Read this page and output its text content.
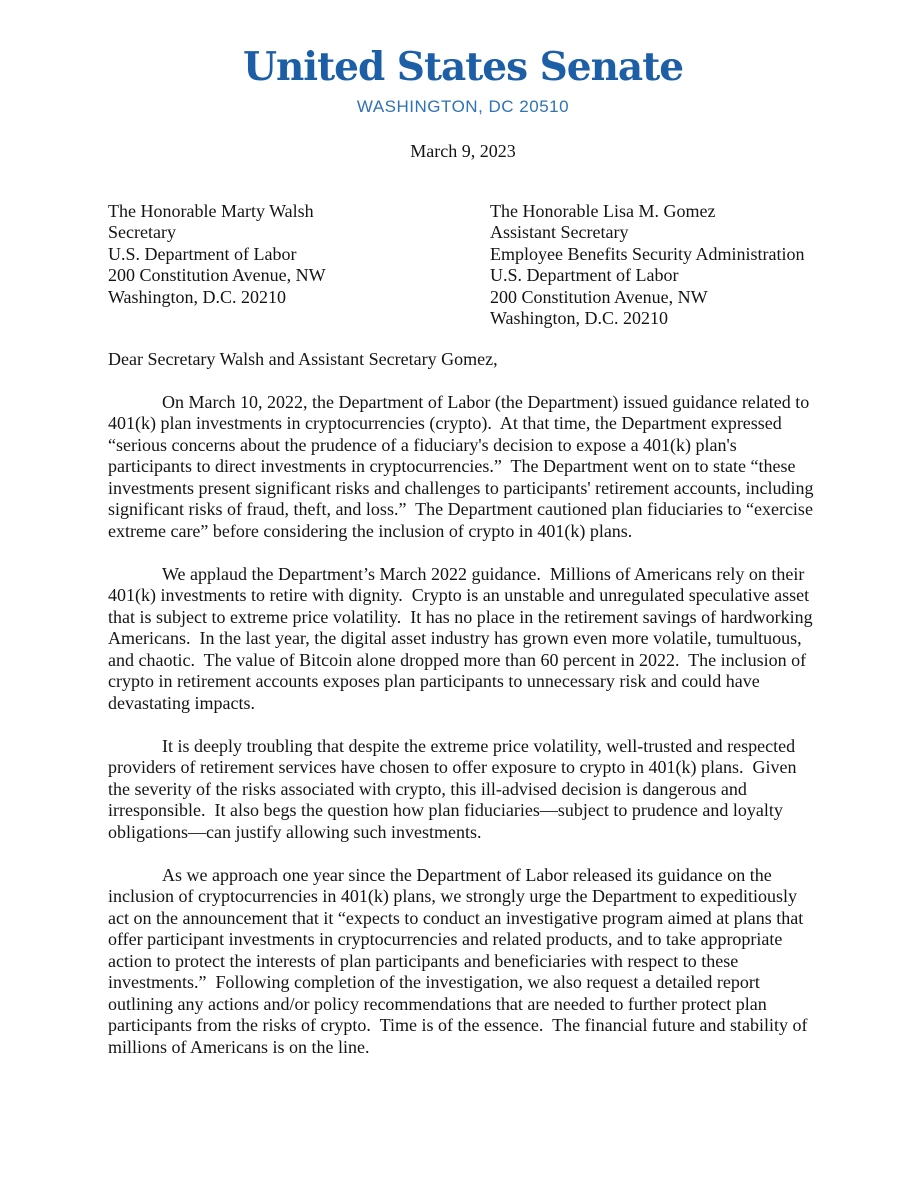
United States Senate
WASHINGTON, DC 20510
March 9, 2023
The Honorable Marty Walsh
Secretary
U.S. Department of Labor
200 Constitution Avenue, NW
Washington, D.C. 20210
The Honorable Lisa M. Gomez
Assistant Secretary
Employee Benefits Security Administration
U.S. Department of Labor
200 Constitution Avenue, NW
Washington, D.C. 20210

Dear Secretary Walsh and Assistant Secretary Gomez,

On March 10, 2022, the Department of Labor (the Department) issued guidance related to 401(k) plan investments in cryptocurrencies (crypto).  At that time, the Department expressed “serious concerns about the prudence of a fiduciary's decision to expose a 401(k) plan's participants to direct investments in cryptocurrencies.”  The Department went on to state “these investments present significant risks and challenges to participants' retirement accounts, including significant risks of fraud, theft, and loss.”  The Department cautioned plan fiduciaries to “exercise extreme care” before considering the inclusion of crypto in 401(k) plans.

We applaud the Department’s March 2022 guidance.  Millions of Americans rely on their 401(k) investments to retire with dignity.  Crypto is an unstable and unregulated speculative asset that is subject to extreme price volatility.  It has no place in the retirement savings of hardworking Americans.  In the last year, the digital asset industry has grown even more volatile, tumultuous, and chaotic.  The value of Bitcoin alone dropped more than 60 percent in 2022.  The inclusion of crypto in retirement accounts exposes plan participants to unnecessary risk and could have devastating impacts.

It is deeply troubling that despite the extreme price volatility, well-trusted and respected providers of retirement services have chosen to offer exposure to crypto in 401(k) plans.  Given the severity of the risks associated with crypto, this ill-advised decision is dangerous and irresponsible.  It also begs the question how plan fiduciaries—subject to prudence and loyalty obligations—can justify allowing such investments.

As we approach one year since the Department of Labor released its guidance on the inclusion of cryptocurrencies in 401(k) plans, we strongly urge the Department to expeditiously act on the announcement that it “expects to conduct an investigative program aimed at plans that offer participant investments in cryptocurrencies and related products, and to take appropriate action to protect the interests of plan participants and beneficiaries with respect to these investments.”  Following completion of the investigation, we also request a detailed report outlining any actions and/or policy recommendations that are needed to further protect plan participants from the risks of crypto.  Time is of the essence.  The financial future and stability of millions of Americans is on the line.
